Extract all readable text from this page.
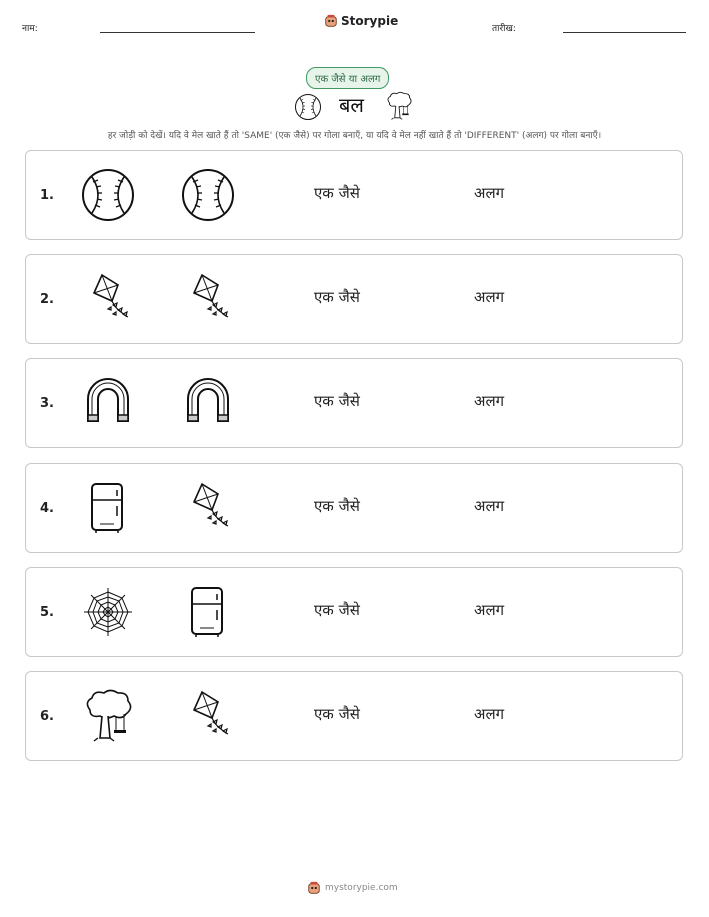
नाम:
Storypie
तारीख:
एक जैसे या अलग
बल
हर जोड़ी को देखें। यदि वे मेल खाते हैं तो 'SAME' (एक जैसे) पर गोला बनाएँ, या यदि वे मेल नहीं खाते हैं तो 'DIFFERENT' (अलग) पर गोला बनाएँ।
1.	एक जैसे	अलग
2.	एक जैसे	अलग
3.	एक जैसे	अलग
4.	एक जैसे	अलग
5.	एक जैसे	अलग
6.	एक जैसे	अलग
mystorypie.com
